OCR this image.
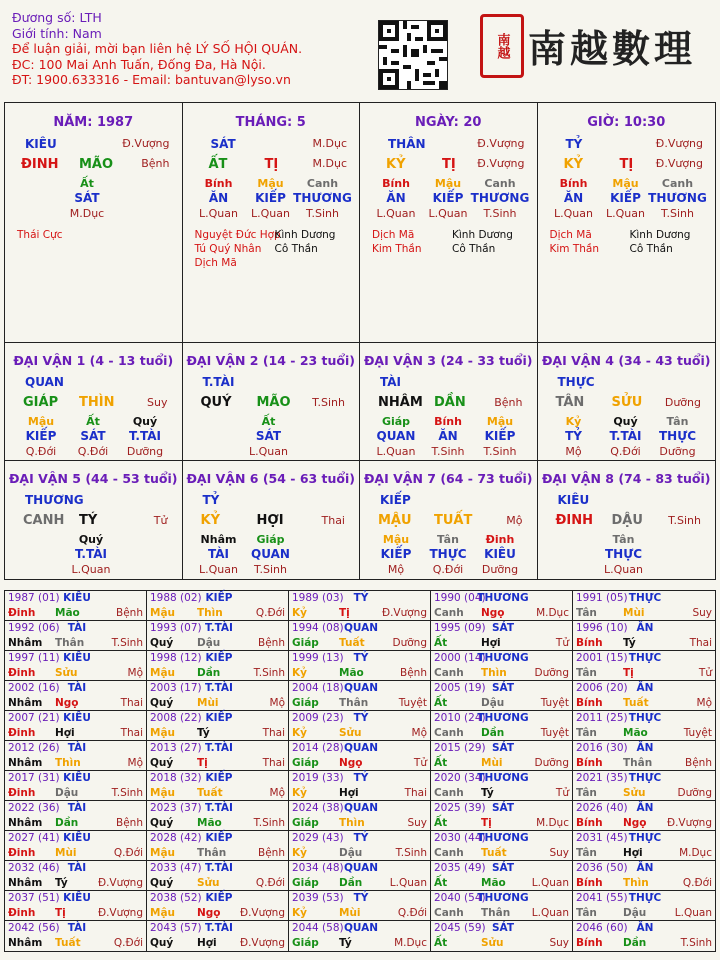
Đương số: LTH
Giới tính: Nam
Để luận giải, mời bạn liên hệ LÝ SỐ HỘI QUÁN.
ĐC: 100 Mai Anh Tuấn, Đống Đa, Hà Nội.
ĐT: 1900.633316 - Email: bantuvan@lyso.vn
南越 南越數理
NĂM: 1987
KIÊU	Đ.Vượng
ĐINH MÃO	Bệnh
Ất
SÁT
M.Dục
Thái Cực
THÁNG: 5
SÁT	M.Dục
ẤT	TỊ	M.Dục
Bính
ĂN
L.Quan
Mậu
KIẾP
L.Quan
Canh
THƯƠNG
T.Sinh
Nguyệt Đức Hợp
Tú Quý Nhân
Dịch Mã
Kình Dương
Cô Thần
NGÀY: 20
THÂN	Đ.Vượng
KỶ	TỊ Đ.Vượng
Bính
ĂN
L.Quan
Mậu
KIẾP
L.Quan
Canh
THƯƠNG
T.Sinh
Dịch Mã
Kim Thần
Kình Dương
Cô Thần
GIỜ: 10:30
TỶ	Đ.Vượng
KỶ	TỊ Đ.Vượng
Bính
ĂN
L.Quan
Mậu
KIẾP
L.Quan
Canh
THƯƠNG
T.Sinh
Dịch Mã
Kim Thần
Kình Dương
Cô Thần
ĐẠI VẬN 1 (4 - 13 tuổi)
QUAN
GIÁP THÌN	Suy
Mậu
KIẾP
Q.Đới
Ất
SÁT
Q.Đới
Quý
T.TÀI
Dưỡng
ĐẠI VẬN 2 (14 - 23 tuổi)
T.TÀI
QUÝ MÃO T.Sinh
Ất
SÁT
L.Quan
ĐẠI VẬN 3 (24 - 33 tuổi)
TÀI
NHÂM DẦN	Bệnh
Giáp
QUAN
L.Quan
Bính
ĂN
T.Sinh
Mậu
KIẾP
T.Sinh
ĐẠI VẬN 4 (34 - 43 tuổi)
THỰC
TÂN SỬU Dưỡng
Kỷ
TỶ
Mộ
Quý
T.TÀI
Q.Đới
Tân
THỰC
Dưỡng
ĐẠI VẬN 5 (44 - 53 tuổi)
THƯƠNG
CANH TÝ	Tử
Quý
T.TÀI
L.Quan
ĐẠI VẬN 6 (54 - 63 tuổi)
TỶ
KỶ	HỢI	Thai
Nhâm
TÀI
L.Quan
Giáp
QUAN
T.Sinh
ĐẠI VẬN 7 (64 - 73 tuổi)
KIẾP
MẬU TUẤT	Mộ
Mậu
KIẾP
Mộ
Tân
THỰC
Q.Đới
Đinh
KIÊU
Dưỡng
ĐẠI VẬN 8 (74 - 83 tuổi)
KIÊU
ĐINH DẬU T.Sinh
Tân
THỰC
L.Quan
1987 (01) KIÊU
Đinh Mão	Bệnh
1988 (02) KIẾP
Mậu Thìn	Q.Đới
1989 (03) TỶ
Kỷ	Tị	Đ.Vượng
1990 (04)
THƯƠNG
Canh Ngọ	M.Dục
1991 (05) THỰC
Tân Mùi	Suy
1992 (06) TÀI
Nhâm Thân	T.Sinh
1993 (07) T.TÀI
Quý Dậu	Bệnh
1994 (08) QUAN
Giáp Tuất	Dưỡng
1995 (09) SÁT
Ất	Hợi	Tử
1996 (10) ĂN
Bính Tý	Thai
1997 (11) KIÊU
Đinh Sửu	Mộ
1998 (12) KIẾP
Mậu Dần	T.Sinh
1999 (13) TỶ
Kỷ	Mão	Bệnh
2000 (14)
THƯƠNG
Canh Thìn	Dưỡng
2001 (15) THỰC
Tân Tị	Tử
2002 (16) TÀI
Nhâm Ngọ	Thai
2003 (17) T.TÀI
Quý Mùi	Mộ
2004 (18) QUAN
Giáp Thân	Tuyệt
2005 (19) SÁT
Ất	Dậu	Tuyệt
2006 (20) ĂN
Bính Tuất	Mộ
2007 (21) KIÊU
Đinh Hợi	Thai
2008 (22) KIẾP
Mậu Tý	Thai
2009 (23) TỶ
Kỷ	Sửu	Mộ
2010 (24)
THƯƠNG
Canh Dần	Tuyệt
2011 (25) THỰC
Tân Mão	Tuyệt
2012 (26) TÀI
Nhâm Thìn	Mộ
2013 (27) T.TÀI
Quý Tị	Thai
2014 (28) QUAN
Giáp Ngọ	Tử
2015 (29) SÁT
Ất	Mùi	Dưỡng
2016 (30) ĂN
Bính Thân	Bệnh
2017 (31) KIÊU
Đinh Dậu	T.Sinh
2018 (32) KIẾP
Mậu Tuất	Mộ
2019 (33) TỶ
Kỷ	Hợi	Thai
2020 (34)
THƯƠNG
Canh Tý	Tử
2021 (35) THỰC
Tân Sửu	Dưỡng
2022 (36) TÀI
Nhâm Dần	Bệnh
2023 (37) T.TÀI
Quý Mão	T.Sinh
2024 (38) QUAN
Giáp Thìn	Suy
2025 (39) SÁT
Ất	Tị	M.Dục
2026 (40) ĂN
Bính Ngọ Đ.Vượng
2027 (41) KIÊU
Đinh Mùi	Q.Đới
2028 (42) KIẾP
Mậu Thân	Bệnh
2029 (43) TỶ
Kỷ	Dậu	T.Sinh
2030 (44)
THƯƠNG
Canh Tuất	Suy
2031 (45) THỰC
Tân Hợi	M.Dục
2032 (46) TÀI
Nhâm Tý	Đ.Vượng
2033 (47) T.TÀI
Quý Sửu	Q.Đới
2034 (48) QUAN
Giáp Dần	L.Quan
2035 (49) SÁT
Ất	Mão L.Quan
2036 (50) ĂN
Bính Thìn	Q.Đới
2037 (51) KIÊU
Đinh Tị	Đ.Vượng
2038 (52) KIẾP
Mậu Ngọ Đ.Vượng
2039 (53) TỶ
Kỷ	Mùi	Q.Đới
2040 (54)
THƯƠNG
Canh Thân L.Quan
2041 (55) THỰC
Tân Dậu	L.Quan
2042 (56) TÀI
Nhâm Tuất	Q.Đới
2043 (57) T.TÀI
Quý Hợi Đ.Vượng
2044 (58) QUAN
Giáp Tý	M.Dục
2045 (59) SÁT
Ất	Sửu	Suy
2046 (60) ĂN
Bính Dần	T.Sinh
